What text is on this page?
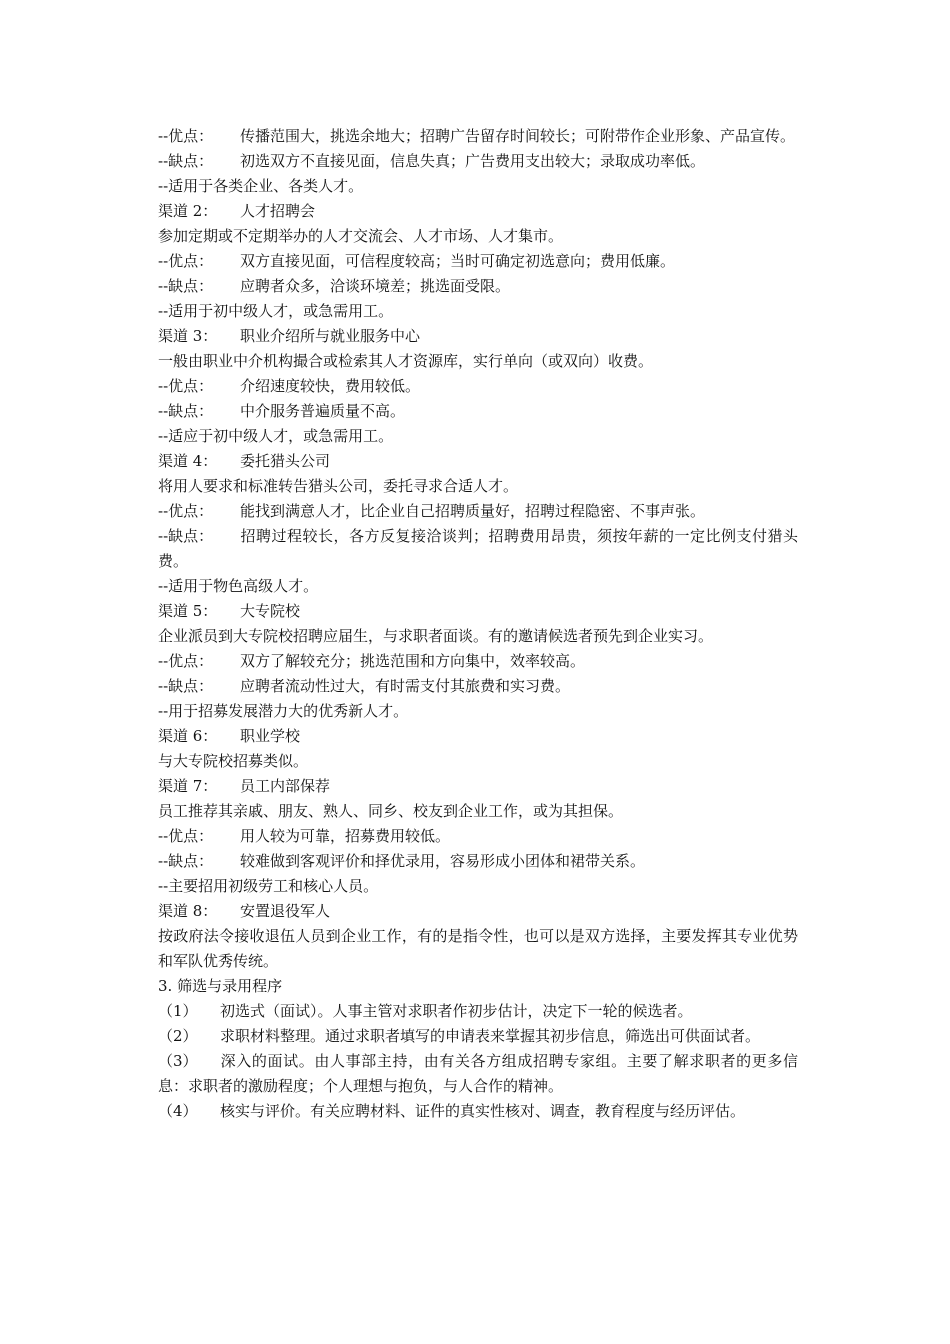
--优点： 传播范围大，挑选余地大；招聘广告留存时间较长；可附带作企业形象、产品宣传。

--缺点： 初选双方不直接见面，信息失真；广告费用支出较大；录取成功率低。

--适用于各类企业、各类人才。

渠道 2： 人才招聘会

参加定期或不定期举办的人才交流会、人才市场、人才集市。

--优点： 双方直接见面，可信程度较高；当时可确定初选意向；费用低廉。

--缺点： 应聘者众多，洽谈环境差；挑选面受限。

--适用于初中级人才，或急需用工。

渠道 3： 职业介绍所与就业服务中心

一般由职业中介机构撮合或检索其人才资源库，实行单向（或双向）收费。

--优点： 介绍速度较快，费用较低。

--缺点： 中介服务普遍质量不高。

--适应于初中级人才，或急需用工。

渠道 4： 委托猎头公司

将用人要求和标准转告猎头公司，委托寻求合适人才。

--优点： 能找到满意人才，比企业自己招聘质量好，招聘过程隐密、不事声张。

--缺点： 招聘过程较长，各方反复接洽谈判；招聘费用昂贵，须按年薪的一定比例支付猎头费。

--适用于物色高级人才。

渠道 5： 大专院校

企业派员到大专院校招聘应届生，与求职者面谈。有的邀请候选者预先到企业实习。

--优点： 双方了解较充分；挑选范围和方向集中，效率较高。

--缺点： 应聘者流动性过大，有时需支付其旅费和实习费。

--用于招募发展潜力大的优秀新人才。

渠道 6： 职业学校

与大专院校招募类似。

渠道 7： 员工内部保荐

员工推荐其亲戚、朋友、熟人、同乡、校友到企业工作，或为其担保。

--优点： 用人较为可靠，招募费用较低。

--缺点： 较难做到客观评价和择优录用，容易形成小团体和裙带关系。

--主要招用初级劳工和核心人员。

渠道 8： 安置退役军人

按政府法令接收退伍人员到企业工作，有的是指令性，也可以是双方选择，主要发挥其专业优势和军队优秀传统。

3. 筛选与录用程序

（1） 初选式（面试）。人事主管对求职者作初步估计，决定下一轮的候选者。

（2） 求职材料整理。通过求职者填写的申请表来掌握其初步信息，筛选出可供面试者。

（3） 深入的面试。由人事部主持，由有关各方组成招聘专家组。主要了解求职者的更多信息：求职者的激励程度；个人理想与抱负，与人合作的精神。

（4） 核实与评价。有关应聘材料、证件的真实性核对、调查，教育程度与经历评估。
